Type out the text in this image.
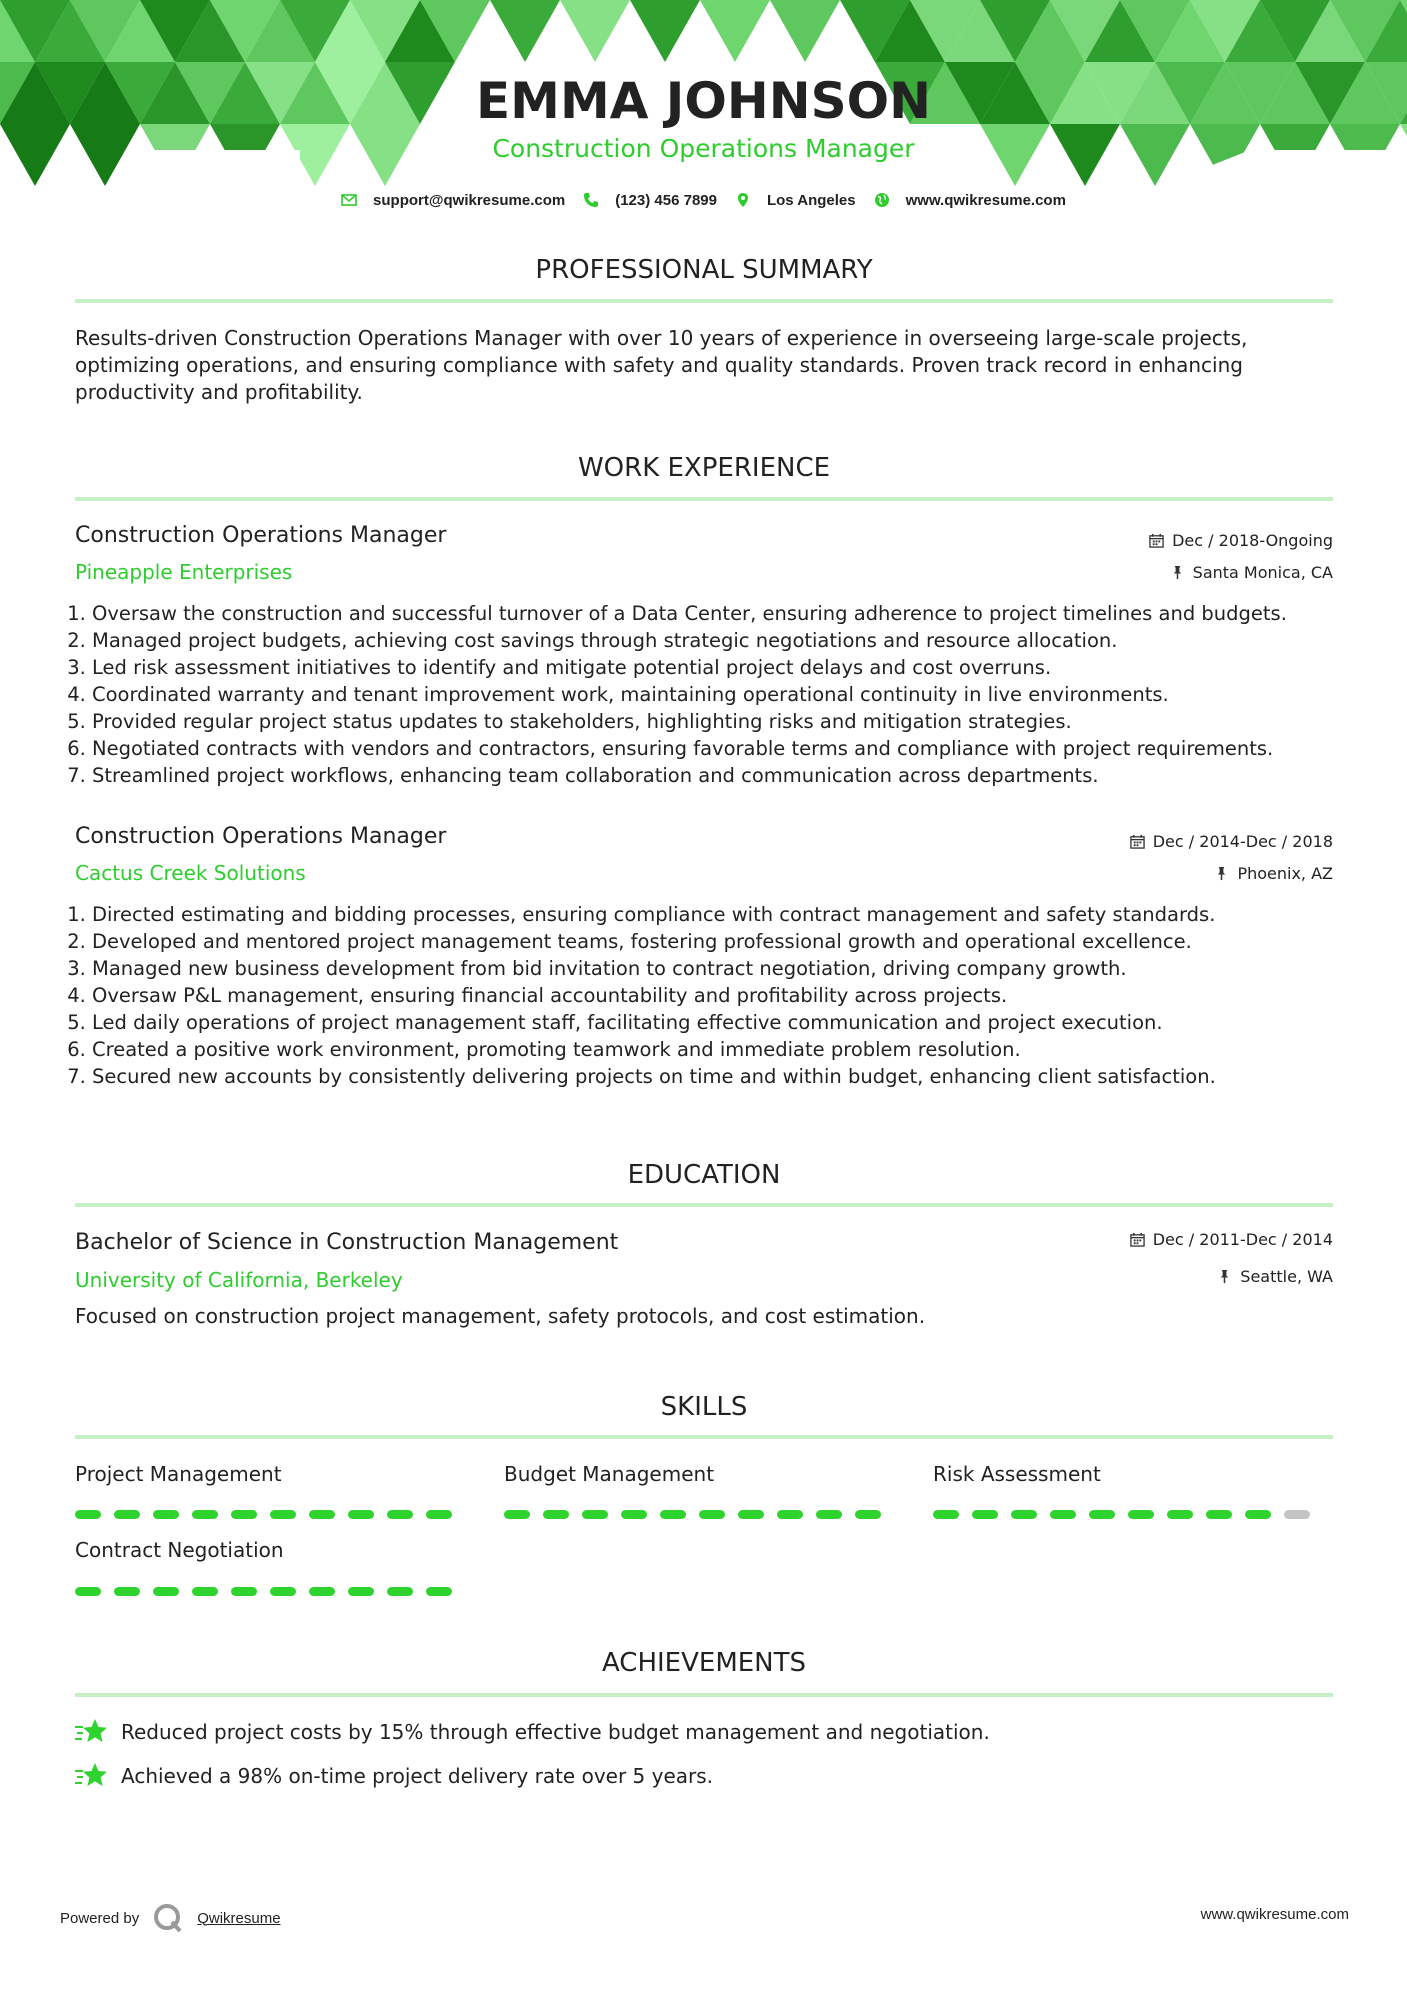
EMMA JOHNSON
Construction Operations Manager
support@qwikresume.com	(123) 456 7899	Los Angeles	www.qwikresume.com
PROFESSIONAL SUMMARY
Results-driven Construction Operations Manager with over 10 years of experience in overseeing large-scale projects, optimizing operations, and ensuring compliance with safety and quality standards. Proven track record in enhancing productivity and profitability.
WORK EXPERIENCE
Construction Operations Manager
Pineapple Enterprises
Dec / 2018-Ongoing
Santa Monica, CA
1. Oversaw the construction and successful turnover of a Data Center, ensuring adherence to project timelines and budgets.
2. Managed project budgets, achieving cost savings through strategic negotiations and resource allocation.
3. Led risk assessment initiatives to identify and mitigate potential project delays and cost overruns.
4. Coordinated warranty and tenant improvement work, maintaining operational continuity in live environments.
5. Provided regular project status updates to stakeholders, highlighting risks and mitigation strategies.
6. Negotiated contracts with vendors and contractors, ensuring favorable terms and compliance with project requirements.
7. Streamlined project workflows, enhancing team collaboration and communication across departments.
Construction Operations Manager
Cactus Creek Solutions
Dec / 2014-Dec / 2018
Phoenix, AZ
1. Directed estimating and bidding processes, ensuring compliance with contract management and safety standards.
2. Developed and mentored project management teams, fostering professional growth and operational excellence.
3. Managed new business development from bid invitation to contract negotiation, driving company growth.
4. Oversaw P&L management, ensuring financial accountability and profitability across projects.
5. Led daily operations of project management staff, facilitating effective communication and project execution.
6. Created a positive work environment, promoting teamwork and immediate problem resolution.
7. Secured new accounts by consistently delivering projects on time and within budget, enhancing client satisfaction.
EDUCATION
Bachelor of Science in Construction Management
University of California, Berkeley
Dec / 2011-Dec / 2014
Seattle, WA
Focused on construction project management, safety protocols, and cost estimation.
SKILLS
Project Management	Budget Management	Risk Assessment
Contract Negotiation
ACHIEVEMENTS
Reduced project costs by 15% through effective budget management and negotiation.
Achieved a 98% on-time project delivery rate over 5 years.
Powered by	Qwikresume	www.qwikresume.com
